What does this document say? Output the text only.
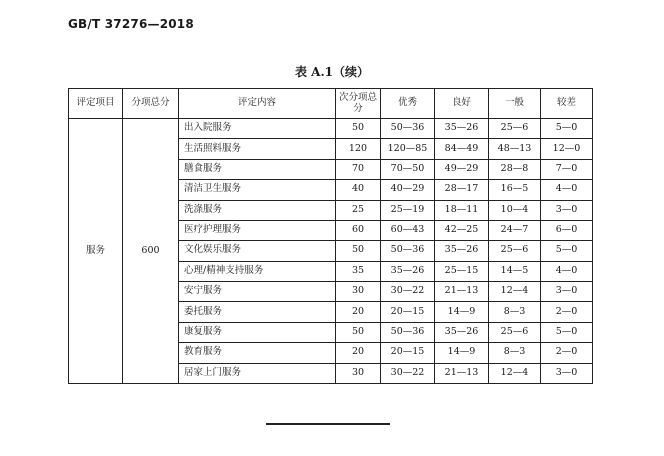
GB/T 37276—2018
表 A.1（续）
评定项目	分项总分	评定内容	次分项总分	优秀	良好	一般	较差
服务	600	出入院服务	50	50—36	35—26	25—6	5—0
		生活照料服务	120	120—85	84—49	48—13	12—0
		膳食服务	70	70—50	49—29	28—8	7—0
		清洁卫生服务	40	40—29	28—17	16—5	4—0
		洗涤服务	25	25—19	18—11	10—4	3—0
		医疗护理服务	60	60—43	42—25	24—7	6—0
		文化娱乐服务	50	50—36	35—26	25—6	5—0
		心理/精神支持服务	35	35—26	25—15	14—5	4—0
		安宁服务	30	30—22	21—13	12—4	3—0
		委托服务	20	20—15	14—9	8—3	2—0
		康复服务	50	50—36	35—26	25—6	5—0
		教育服务	20	20—15	14—9	8—3	2—0
		居家上门服务	30	30—22	21—13	12—4	3—0
